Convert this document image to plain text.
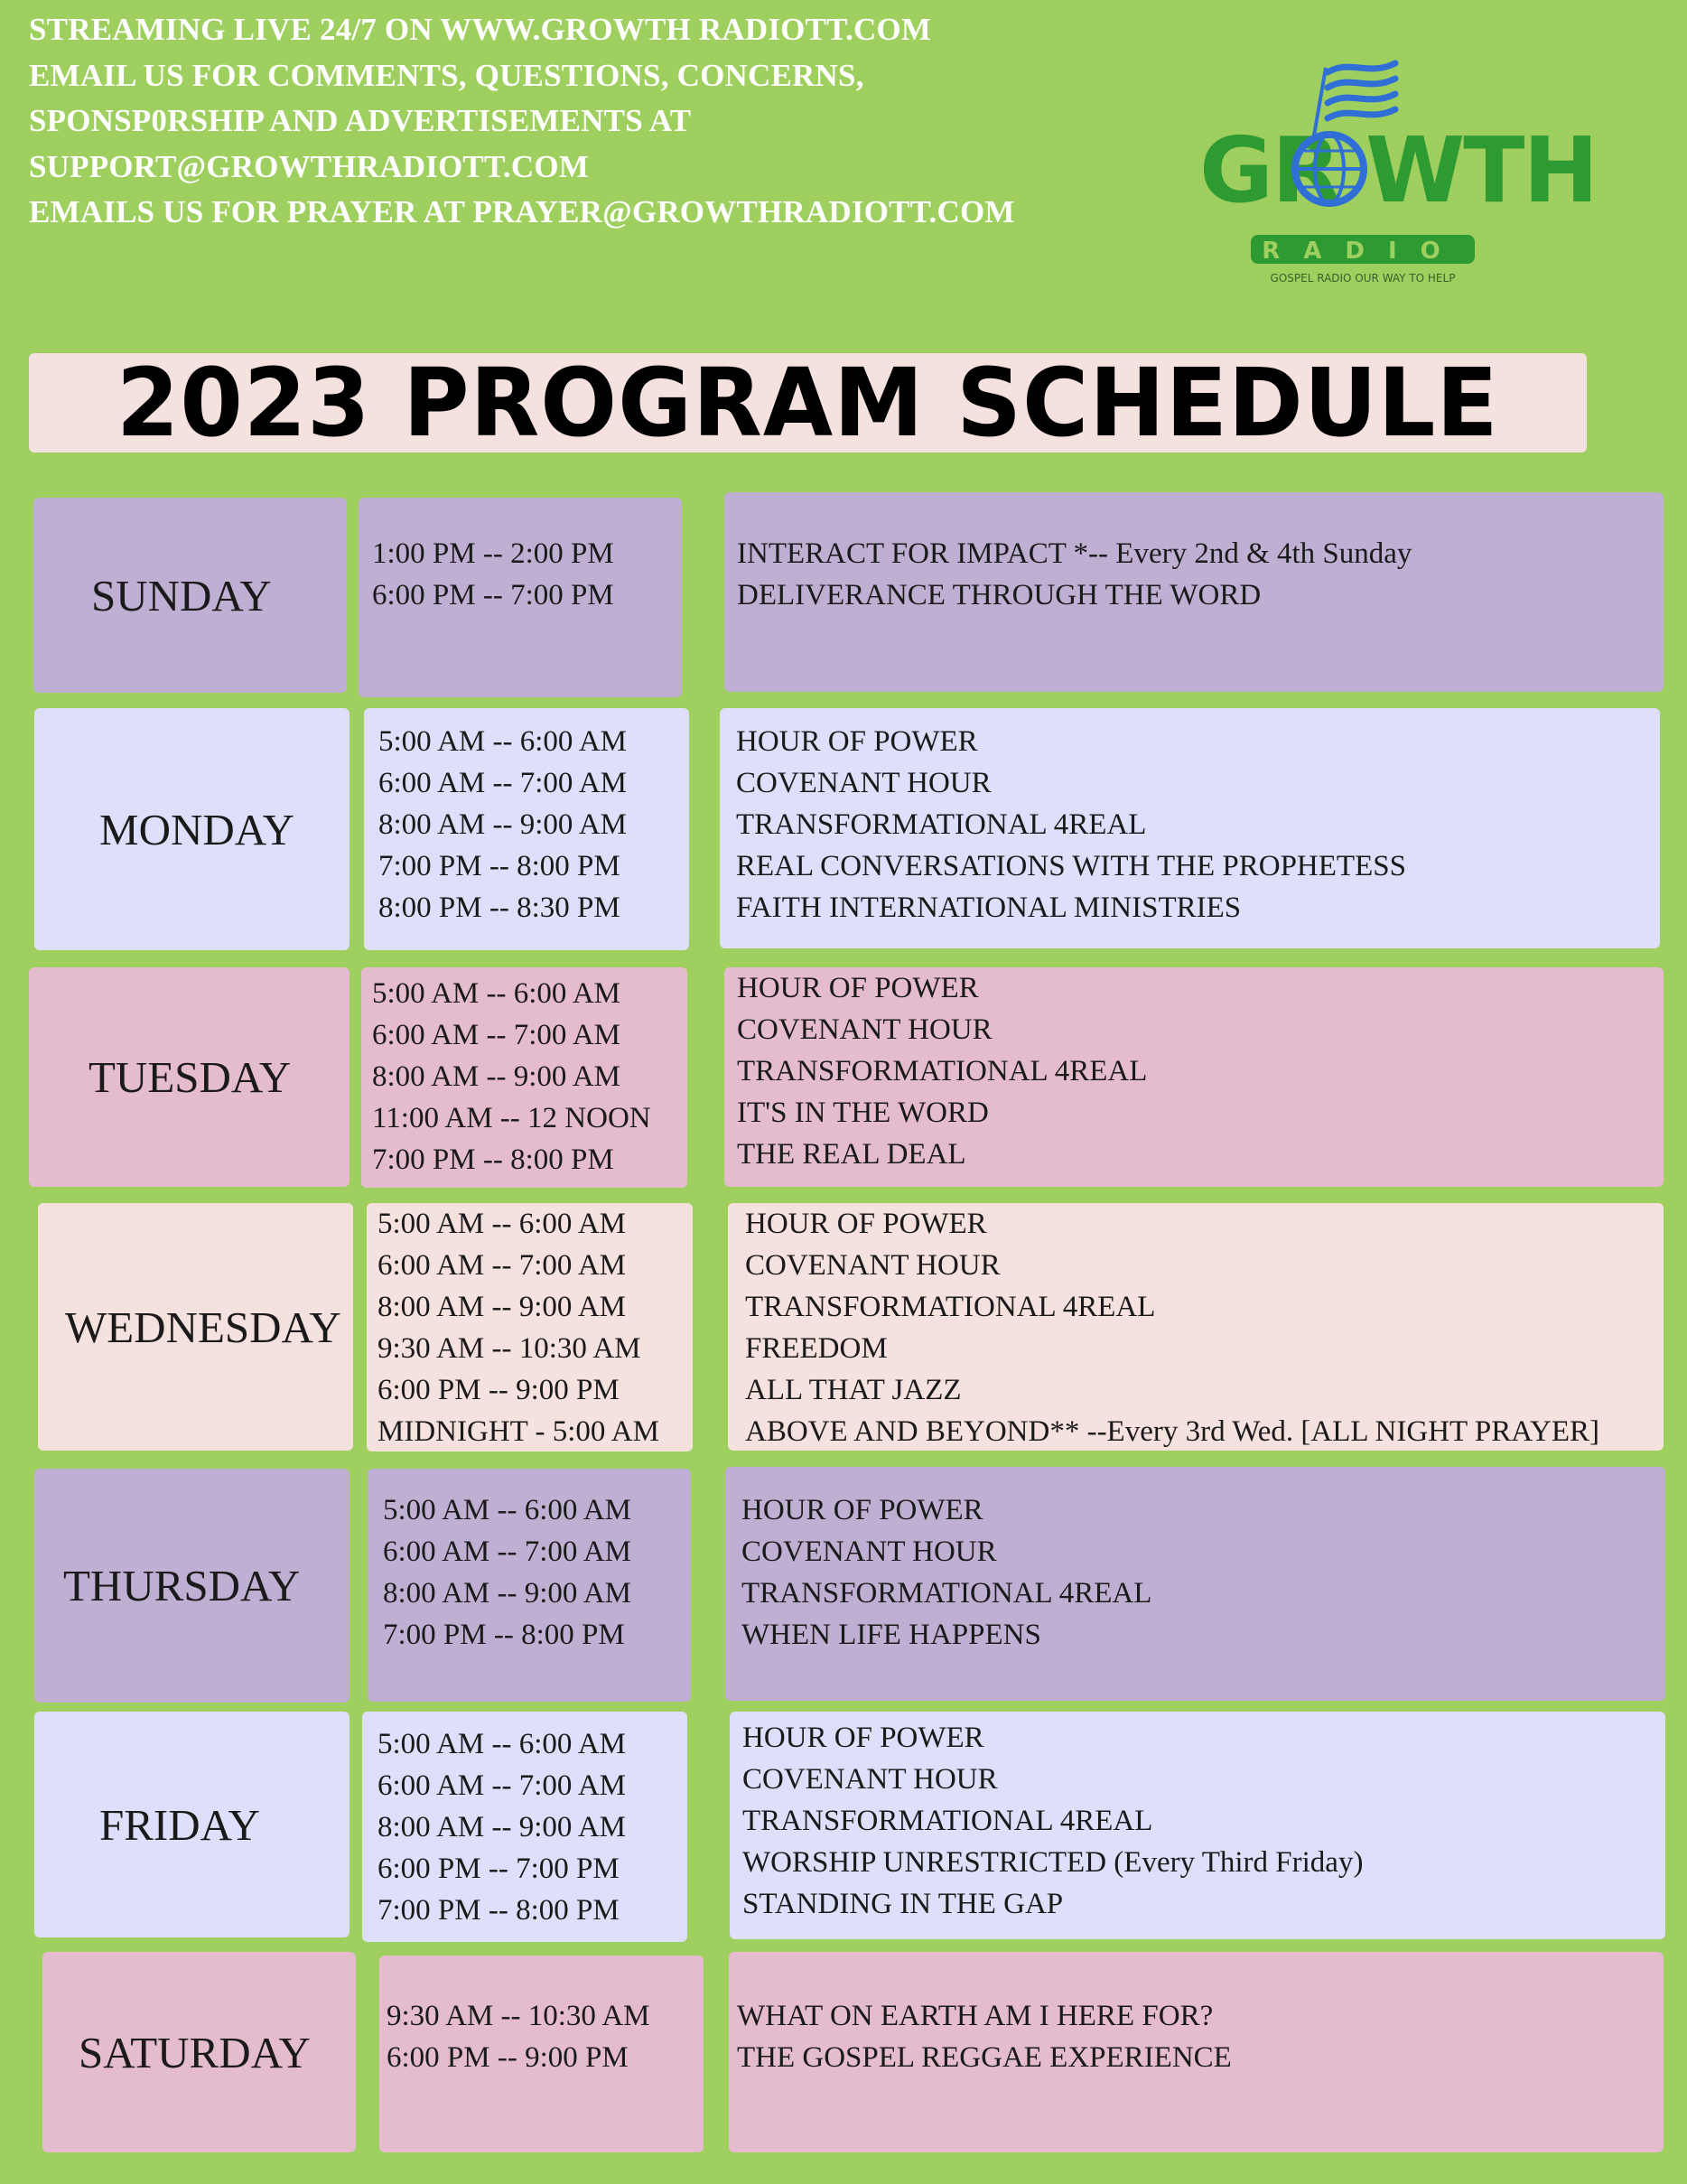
STREAMING LIVE 24/7 ON WWW.GROWTH RADIOTT.COM
EMAIL US FOR COMMENTS, QUESTIONS, CONCERNS,
SPONSP0RSHIP AND ADVERTISEMENTS AT
SUPPORT@GROWTHRADIOTT.COM
EMAILS US FOR PRAYER AT PRAYER@GROWTHRADIOTT.COM GR WTH
RADIO
GOSPEL RADIO OUR WAY TO HELP
2023 PROGRAM SCHEDULE
SUNDAY
1:00 PM -- 2:00 PM
6:00 PM -- 7:00 PM
INTERACT FOR IMPACT *-- Every 2nd & 4th Sunday
DELIVERANCE THROUGH THE WORD
MONDAY
5:00 AM -- 6:00 AM
6:00 AM -- 7:00 AM
8:00 AM -- 9:00 AM
7:00 PM -- 8:00 PM
8:00 PM -- 8:30 PM
HOUR OF POWER
COVENANT HOUR
TRANSFORMATIONAL 4REAL
REAL CONVERSATIONS WITH THE PROPHETESS
FAITH INTERNATIONAL MINISTRIES
TUESDAY
5:00 AM -- 6:00 AM
6:00 AM -- 7:00 AM
8:00 AM -- 9:00 AM
11:00 AM -- 12 NOON
7:00 PM -- 8:00 PM
HOUR OF POWER
COVENANT HOUR
TRANSFORMATIONAL 4REAL
IT'S IN THE WORD
THE REAL DEAL
WEDNESDAY
5:00 AM -- 6:00 AM
6:00 AM -- 7:00 AM
8:00 AM -- 9:00 AM
9:30 AM -- 10:30 AM
6:00 PM -- 9:00 PM
MIDNIGHT - 5:00 AM
HOUR OF POWER
COVENANT HOUR
TRANSFORMATIONAL 4REAL
FREEDOM
ALL THAT JAZZ
ABOVE AND BEYOND** --Every 3rd Wed. [ALL NIGHT PRAYER]
THURSDAY
5:00 AM -- 6:00 AM
6:00 AM -- 7:00 AM
8:00 AM -- 9:00 AM
7:00 PM -- 8:00 PM
HOUR OF POWER
COVENANT HOUR
TRANSFORMATIONAL 4REAL
WHEN LIFE HAPPENS
FRIDAY
5:00 AM -- 6:00 AM
6:00 AM -- 7:00 AM
8:00 AM -- 9:00 AM
6:00 PM -- 7:00 PM
7:00 PM -- 8:00 PM
HOUR OF POWER
COVENANT HOUR
TRANSFORMATIONAL 4REAL
WORSHIP UNRESTRICTED (Every Third Friday)
STANDING IN THE GAP
SATURDAY
9:30 AM -- 10:30 AM
6:00 PM -- 9:00 PM
WHAT ON EARTH AM I HERE FOR?
THE GOSPEL REGGAE EXPERIENCE
